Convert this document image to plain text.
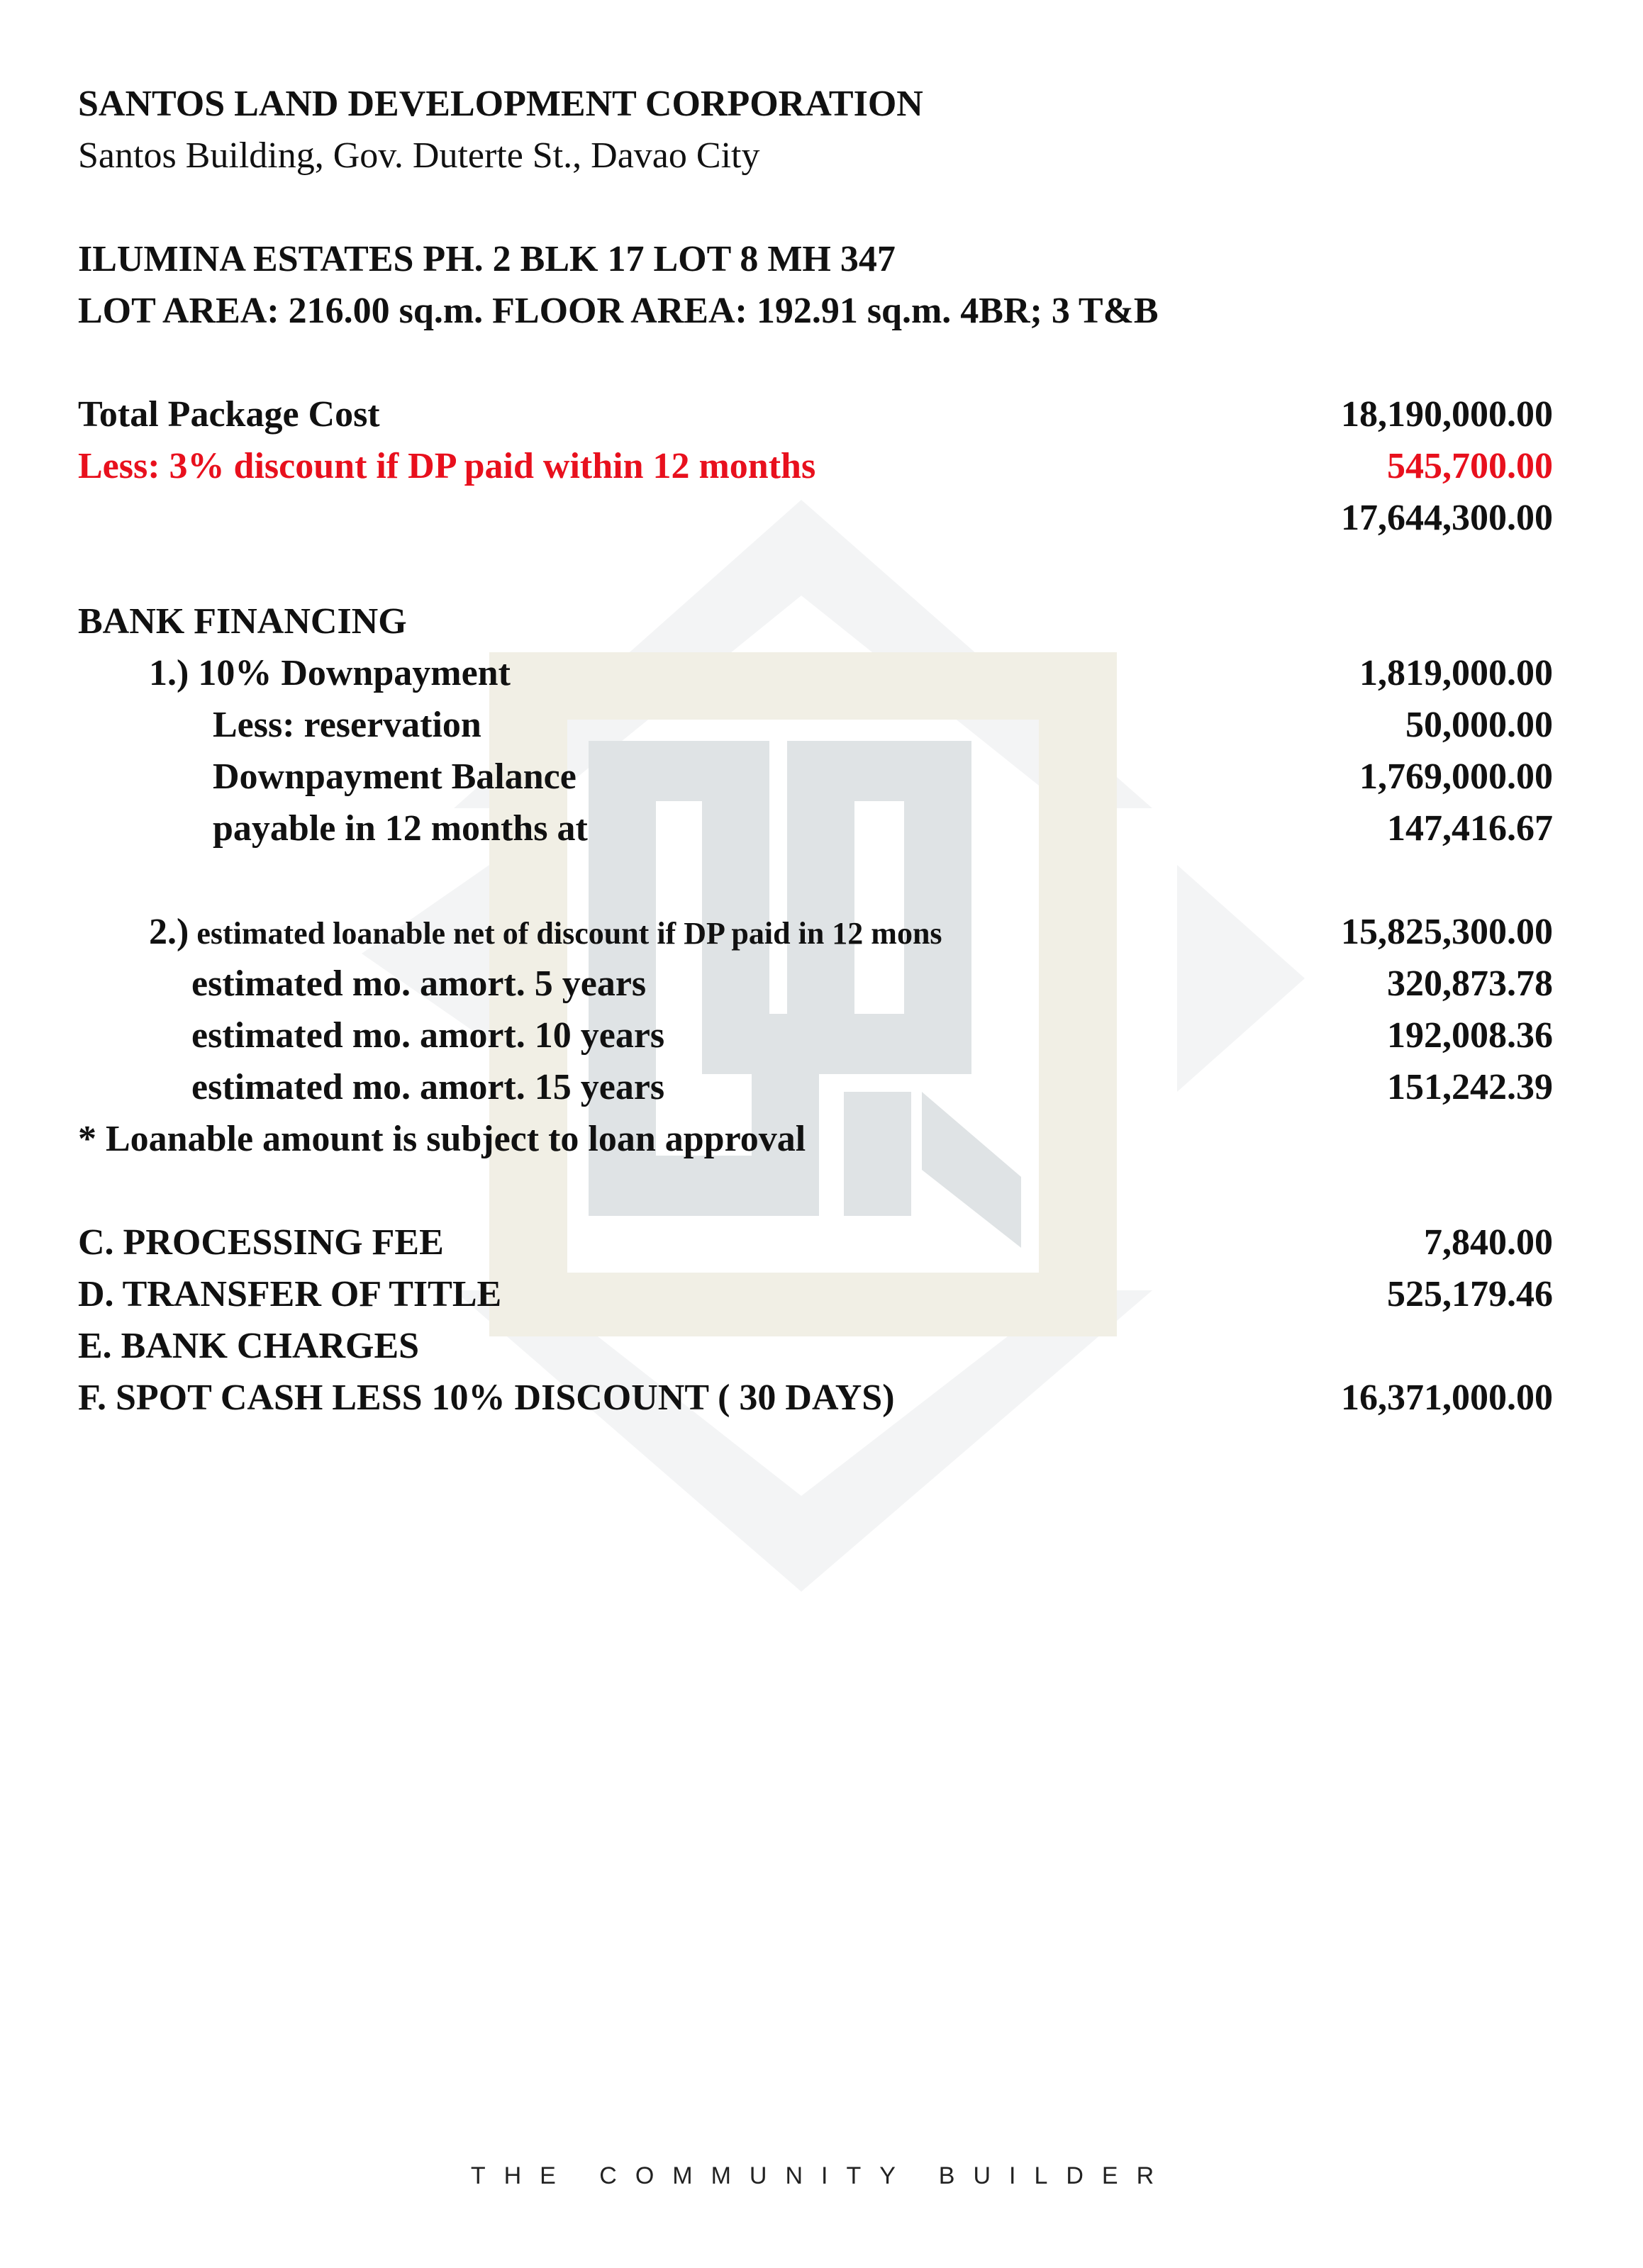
SANTOS LAND DEVELOPMENT CORPORATION
Santos Building, Gov. Duterte St., Davao City
ILUMINA ESTATES PH. 2 BLK 17 LOT 8 MH 347
LOT AREA: 216.00 sq.m. FLOOR AREA: 192.91 sq.m. 4BR; 3 T&B
Total Package Cost	18,190,000.00
Less: 3% discount if DP paid within 12 months	545,700.00
17,644,300.00
BANK FINANCING
1.) 10% Downpayment	1,819,000.00
Less: reservation	50,000.00
Downpayment Balance	1,769,000.00
payable in 12 months at	147,416.67
2.) estimated loanable net of discount if DP paid in 12 mons	15,825,300.00
estimated mo. amort. 5 years	320,873.78
estimated mo. amort. 10 years	192,008.36
estimated mo. amort. 15 years	151,242.39
* Loanable amount is subject to loan approval
C. PROCESSING FEE	7,840.00
D. TRANSFER OF TITLE	525,179.46
E. BANK CHARGES
F. SPOT CASH LESS 10% DISCOUNT ( 30 DAYS)	16,371,000.00
THE COMMUNITY BUILDER
